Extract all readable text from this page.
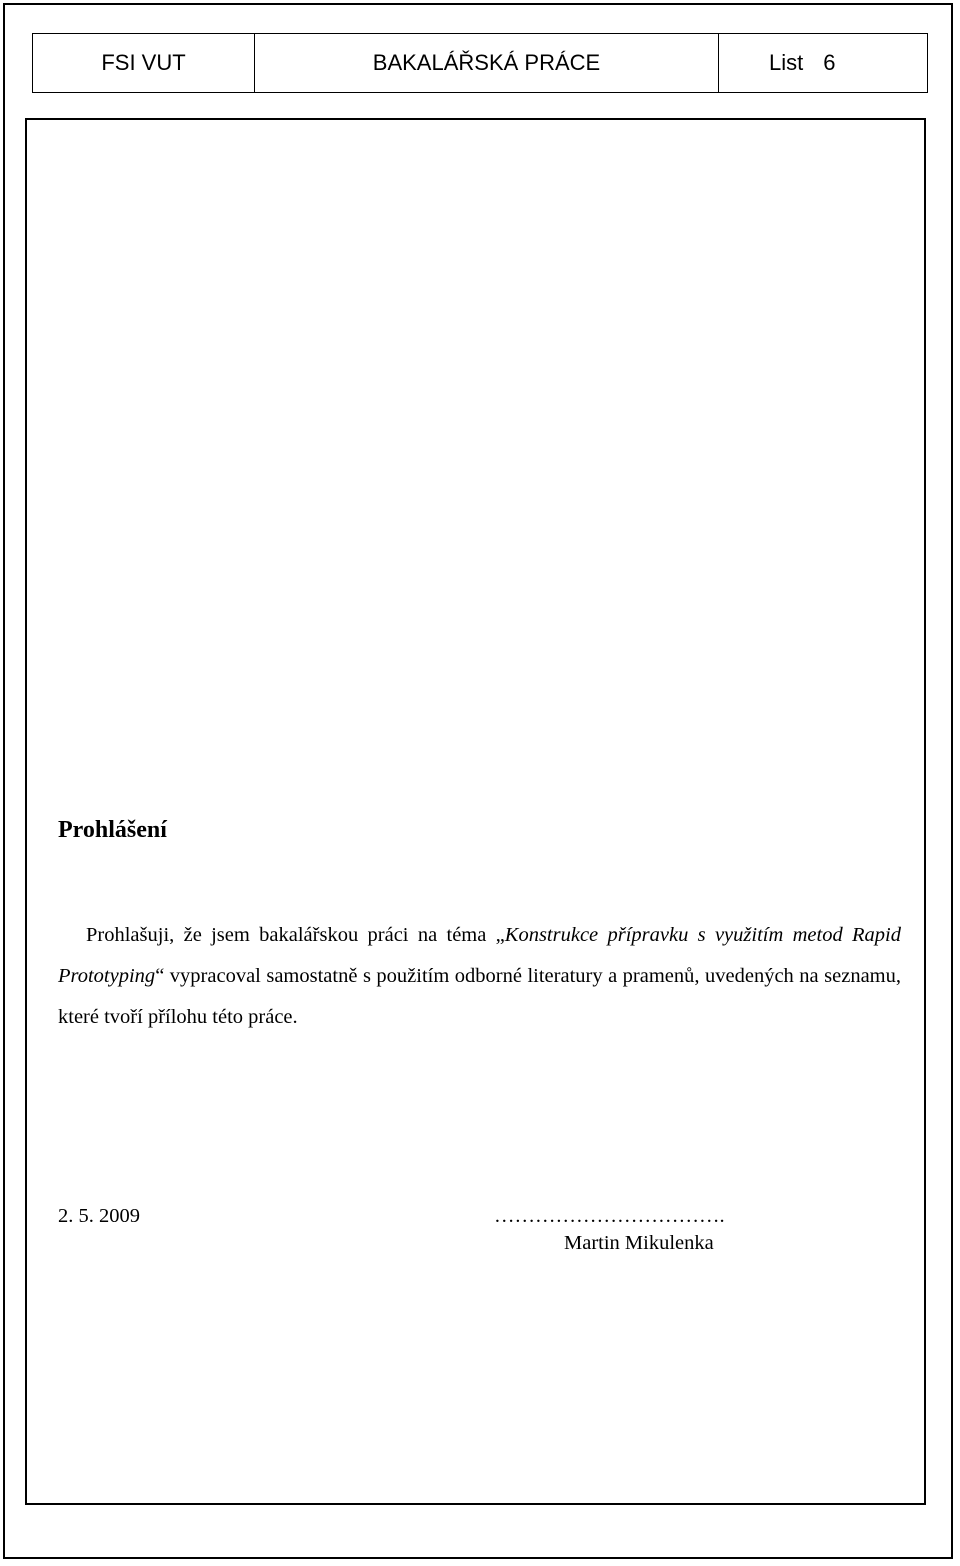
FSI VUT	BAKALÁŘSKÁ PRÁCE	List 6
Prohlášení

Prohlašuji, že jsem bakalářskou práci na téma „Konstrukce přípravku s využitím metod Rapid Prototyping“ vypracoval samostatně s použitím odborné literatury a pramenů, uvedených na seznamu, které tvoří přílohu této práce.

2. 5. 2009	…………………………….
Martin Mikulenka
